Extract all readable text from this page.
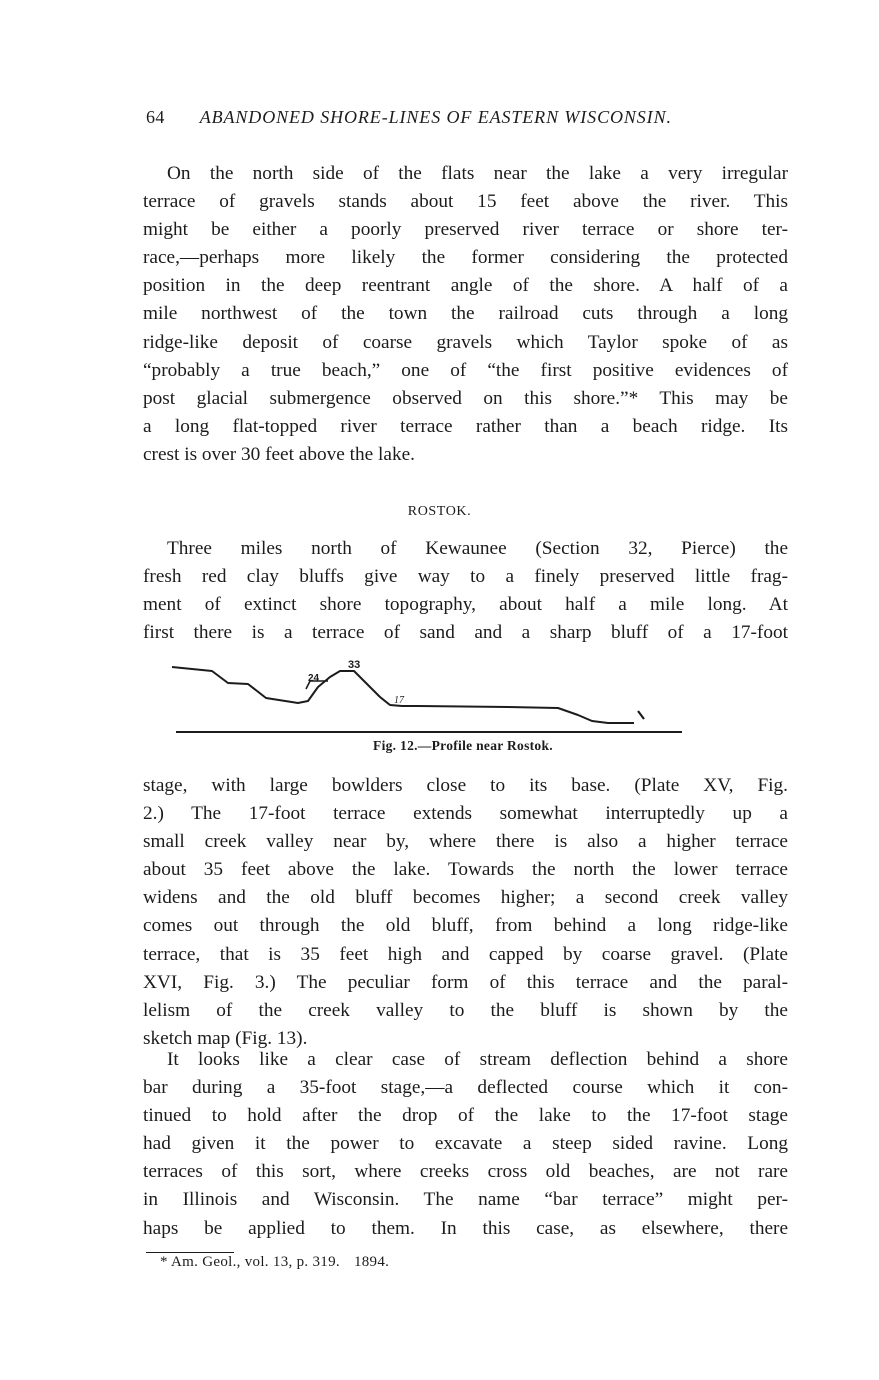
64 ABANDONED SHORE-LINES OF EASTERN WISCONSIN.
On the north side of the flats near the lake a very irregular
terrace of gravels stands about 15 feet above the river. This
might be either a poorly preserved river terrace or shore ter-
race,—perhaps more likely the former considering the protected
position in the deep reentrant angle of the shore. A half of a
mile northwest of the town the railroad cuts through a long
ridge-like deposit of coarse gravels which Taylor spoke of as
“probably a true beach,” one of “the first positive evidences of
post glacial submergence observed on this shore.”* This may be
a long flat-topped river terrace rather than a beach ridge. Its
crest is over 30 feet above the lake.
ROSTOK.
Three miles north of Kewaunee (Section 32, Pierce) the
fresh red clay bluffs give way to a finely preserved little frag-
ment of extinct shore topography, about half a mile long. At
first there is a terrace of sand and a sharp bluff of a 17-foot
33
24
17
Fig. 12.—Profile near Rostok.
stage, with large bowlders close to its base. (Plate XV, Fig.
2.) The 17-foot terrace extends somewhat interruptedly up a
small creek valley near by, where there is also a higher terrace
about 35 feet above the lake. Towards the north the lower terrace
widens and the old bluff becomes higher; a second creek valley
comes out through the old bluff, from behind a long ridge-like
terrace, that is 35 feet high and capped by coarse gravel. (Plate
XVI, Fig. 3.) The peculiar form of this terrace and the paral-
lelism of the creek valley to the bluff is shown by the
sketch map (Fig. 13).
It looks like a clear case of stream deflection behind a shore
bar during a 35-foot stage,—a deflected course which it con-
tinued to hold after the drop of the lake to the 17-foot stage
had given it the power to excavate a steep sided ravine. Long
terraces of this sort, where creeks cross old beaches, are not rare
in Illinois and Wisconsin. The name “bar terrace” might per-
haps be applied to them. In this case, as elsewhere, there
* Am. Geol., vol. 13, p. 319. 1894.
